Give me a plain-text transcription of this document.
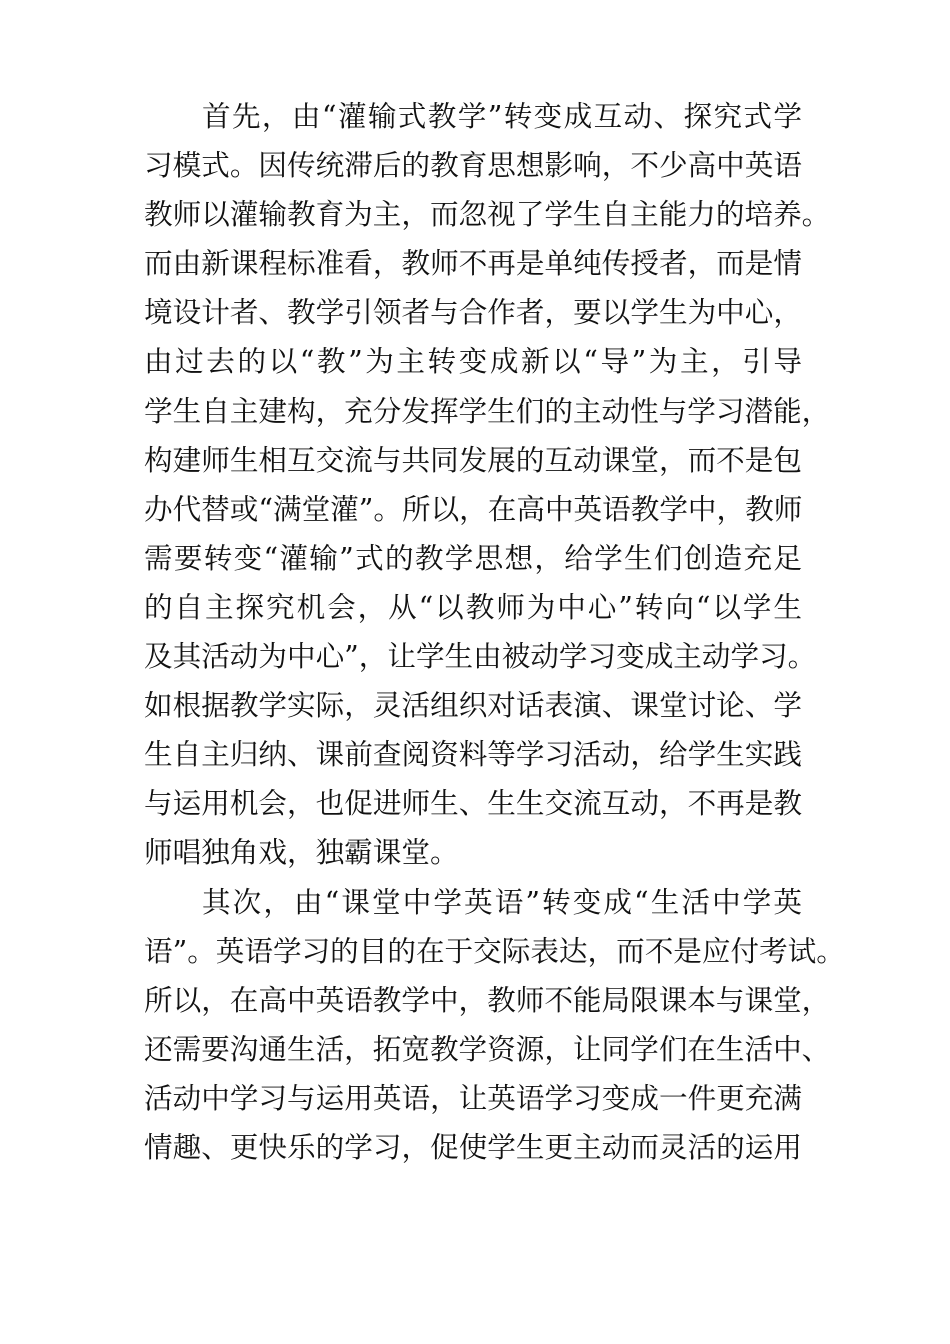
首先，由“灌输式教学”转变成互动、探究式学
习模式。因传统滞后的教育思想影响，不少高中英语
教师以灌输教育为主，而忽视了学生自主能力的培养。
而由新课程标准看，教师不再是单纯传授者，而是情
境设计者、教学引领者与合作者，要以学生为中心，
由过去的以“教”为主转变成新以“导”为主，引导
学生自主建构，充分发挥学生们的主动性与学习潜能，
构建师生相互交流与共同发展的互动课堂，而不是包
办代替或“满堂灌”。所以，在高中英语教学中，教师
需要转变“灌输”式的教学思想，给学生们创造充足
的自主探究机会，从“以教师为中心”转向“以学生
及其活动为中心”，让学生由被动学习变成主动学习。
如根据教学实际，灵活组织对话表演、课堂讨论、学
生自主归纳、课前查阅资料等学习活动，给学生实践
与运用机会，也促进师生、生生交流互动，不再是教
师唱独角戏，独霸课堂。
其次，由“课堂中学英语”转变成“生活中学英
语”。英语学习的目的在于交际表达，而不是应付考试。
所以，在高中英语教学中，教师不能局限课本与课堂，
还需要沟通生活，拓宽教学资源，让同学们在生活中、
活动中学习与运用英语，让英语学习变成一件更充满
情趣、更快乐的学习，促使学生更主动而灵活的运用
